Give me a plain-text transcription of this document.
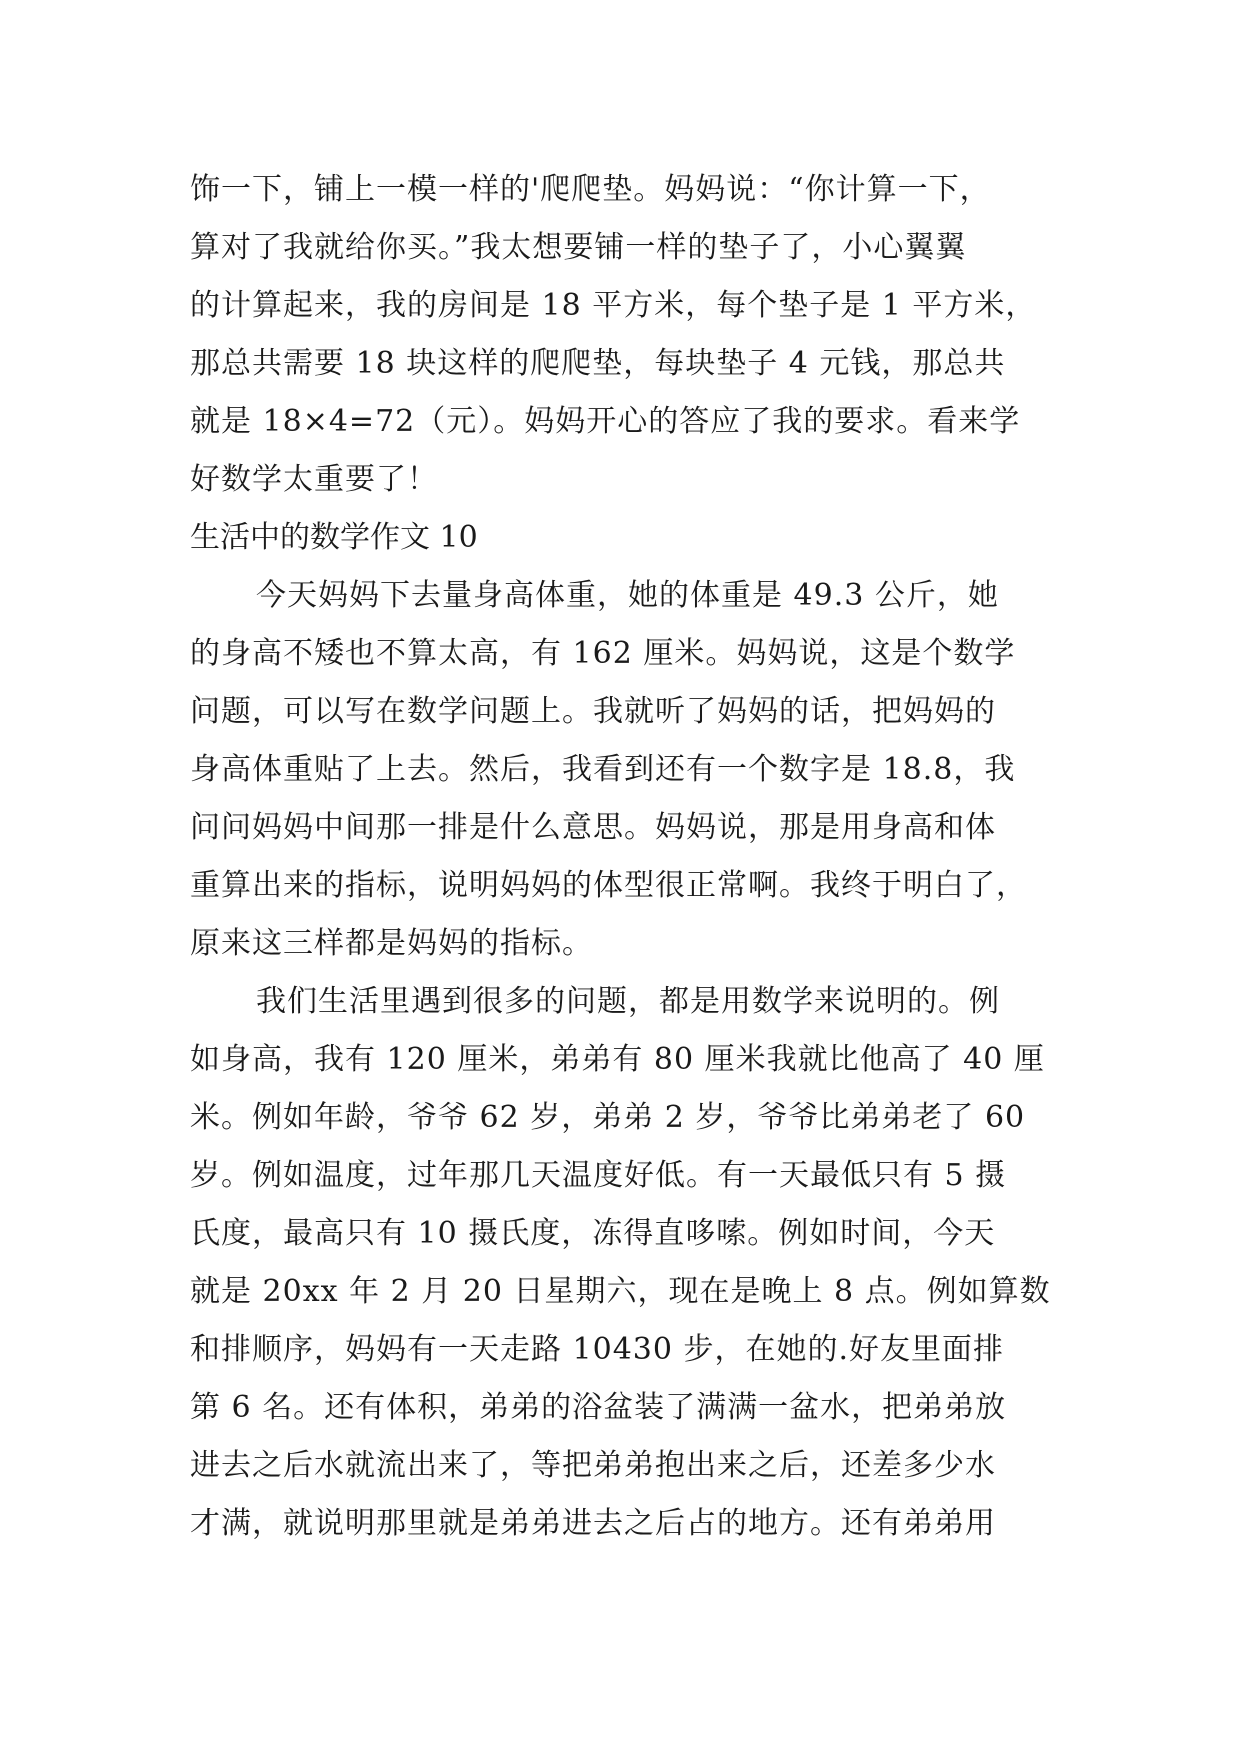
饰一下，铺上一模一样的'爬爬垫。妈妈说：“你计算一下，
算对了我就给你买。”我太想要铺一样的垫子了，小心翼翼
的计算起来，我的房间是 18 平方米，每个垫子是 1 平方米，
那总共需要 18 块这样的爬爬垫，每块垫子 4 元钱，那总共
就是 18×4=72（元）。妈妈开心的答应了我的要求。看来学
好数学太重要了！
生活中的数学作文 10
今天妈妈下去量身高体重，她的体重是 49.3 公斤，她
的身高不矮也不算太高，有 162 厘米。妈妈说，这是个数学
问题，可以写在数学问题上。我就听了妈妈的话，把妈妈的
身高体重贴了上去。然后，我看到还有一个数字是 18.8，我
问问妈妈中间那一排是什么意思。妈妈说，那是用身高和体
重算出来的指标，说明妈妈的体型很正常啊。我终于明白了，
原来这三样都是妈妈的指标。
我们生活里遇到很多的问题，都是用数学来说明的。例
如身高，我有 120 厘米，弟弟有 80 厘米我就比他高了 40 厘
米。例如年龄，爷爷 62 岁，弟弟 2 岁，爷爷比弟弟老了 60
岁。例如温度，过年那几天温度好低。有一天最低只有 5 摄
氏度，最高只有 10 摄氏度，冻得直哆嗦。例如时间，今天
就是 20xx 年 2 月 20 日星期六，现在是晚上 8 点。例如算数
和排顺序，妈妈有一天走路 10430 步，在她的.好友里面排
第 6 名。还有体积，弟弟的浴盆装了满满一盆水，把弟弟放
进去之后水就流出来了，等把弟弟抱出来之后，还差多少水
才满，就说明那里就是弟弟进去之后占的地方。还有弟弟用
